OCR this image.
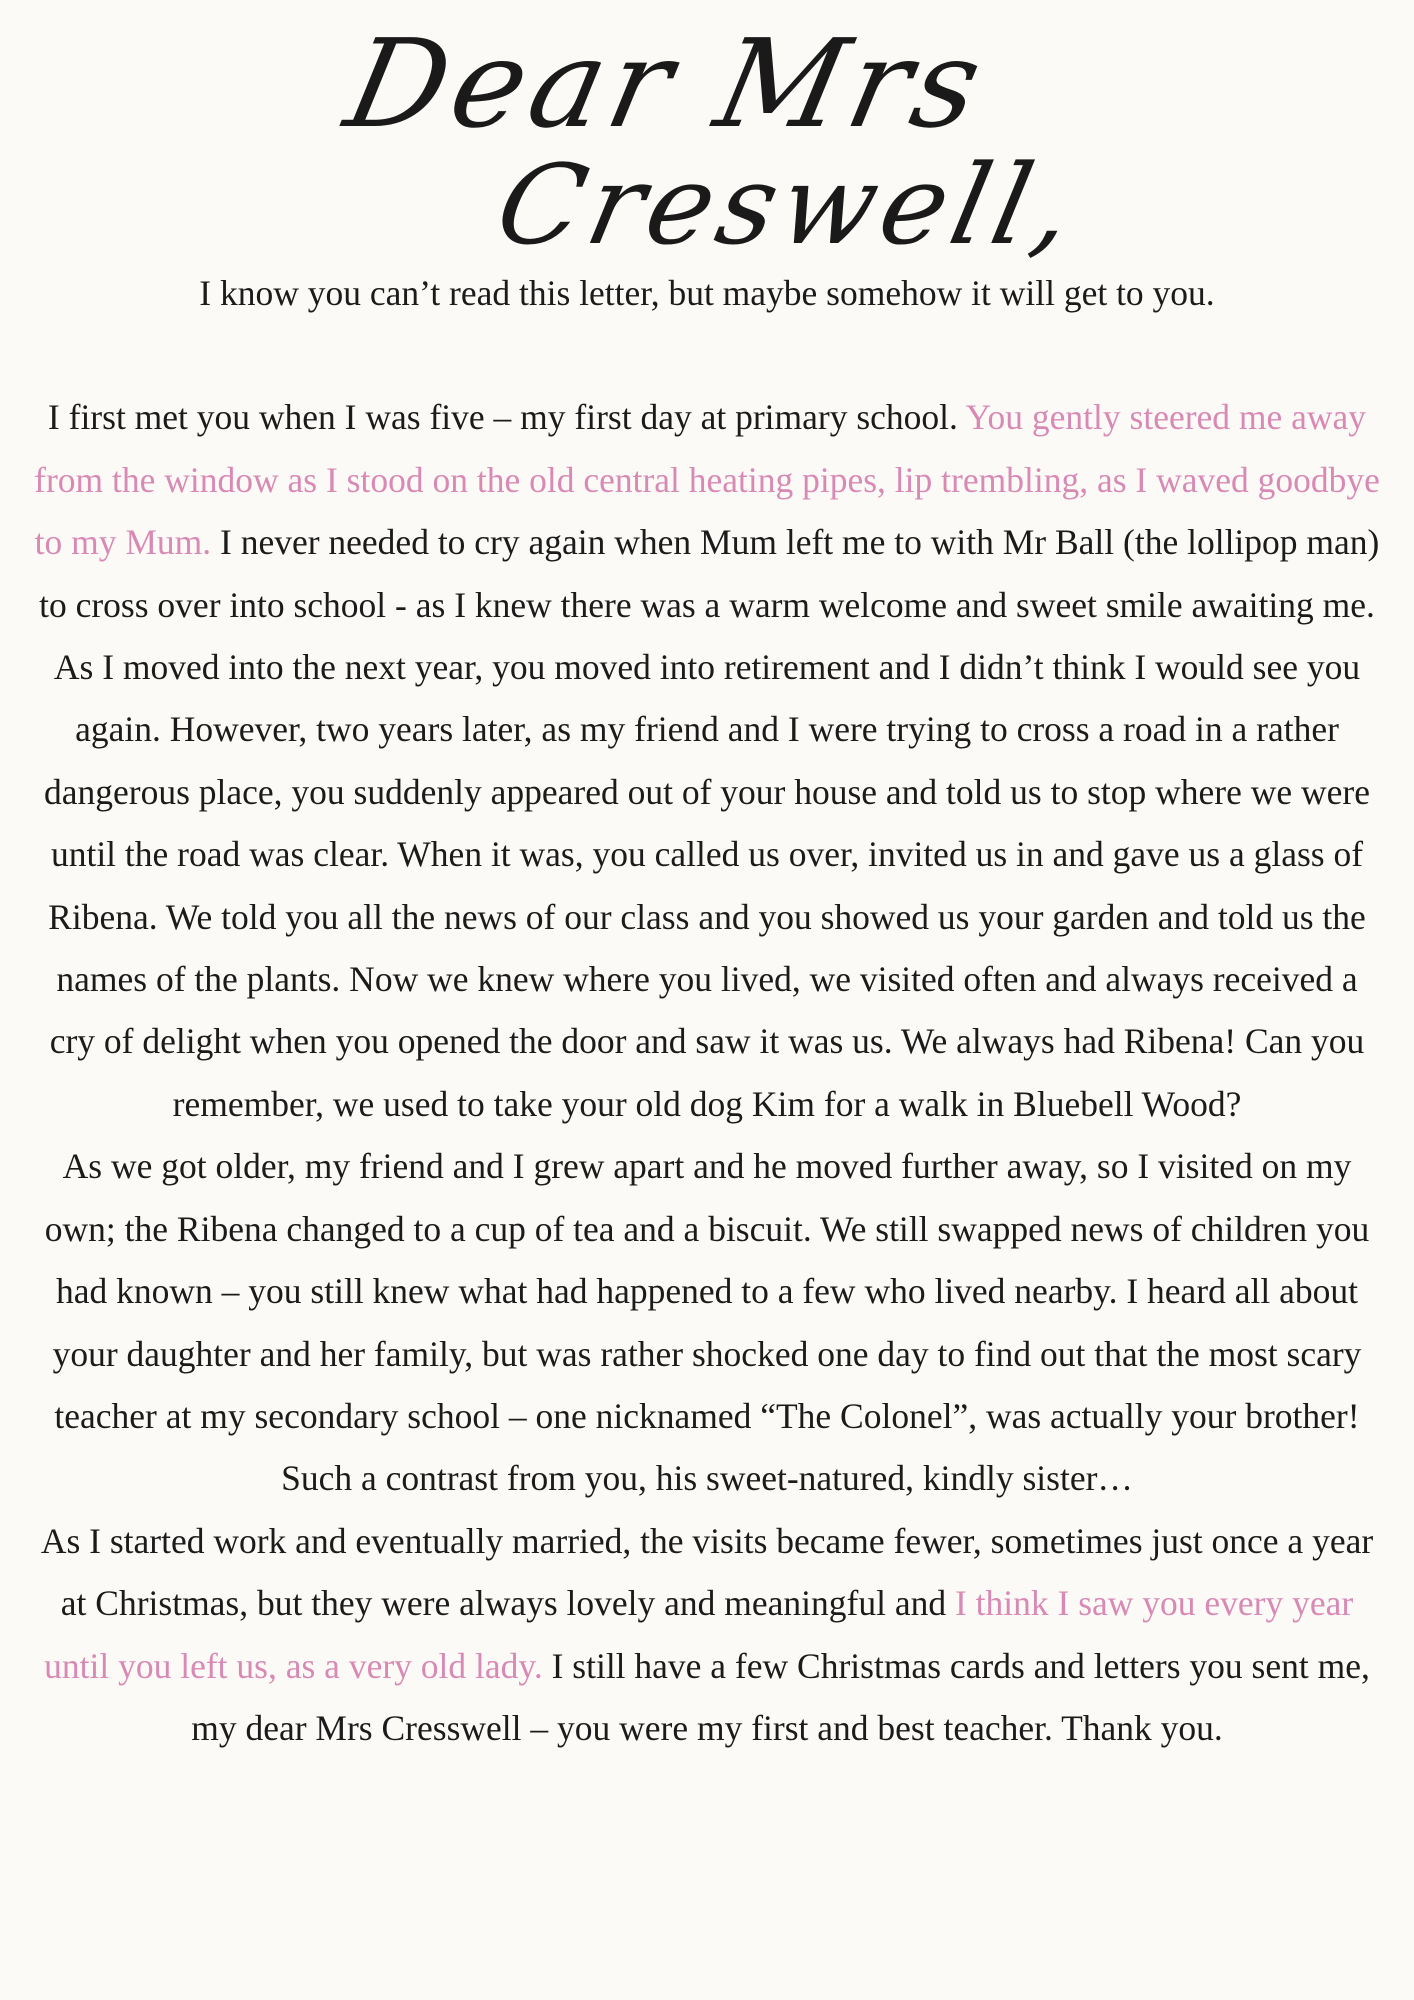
Dear Mrs
Creswell,

I know you can’t read this letter, but maybe somehow it will get to you.

I first met you when I was five – my first day at primary school. You gently steered me away from the window as I stood on the old central heating pipes, lip trembling, as I waved goodbye to my Mum. I never needed to cry again when Mum left me to with Mr Ball (the lollipop man) to cross over into school - as I knew there was a warm welcome and sweet smile awaiting me.

As I moved into the next year, you moved into retirement and I didn’t think I would see you again. However, two years later, as my friend and I were trying to cross a road in a rather dangerous place, you suddenly appeared out of your house and told us to stop where we were until the road was clear. When it was, you called us over, invited us in and gave us a glass of Ribena. We told you all the news of our class and you showed us your garden and told us the names of the plants. Now we knew where you lived, we visited often and always received a cry of delight when you opened the door and saw it was us. We always had Ribena! Can you remember, we used to take your old dog Kim for a walk in Bluebell Wood?

As we got older, my friend and I grew apart and he moved further away, so I visited on my own; the Ribena changed to a cup of tea and a biscuit. We still swapped news of children you had known – you still knew what had happened to a few who lived nearby. I heard all about your daughter and her family, but was rather shocked one day to find out that the most scary teacher at my secondary school – one nicknamed “The Colonel”, was actually your brother! Such a contrast from you, his sweet-natured, kindly sister…

As I started work and eventually married, the visits became fewer, sometimes just once a year at Christmas, but they were always lovely and meaningful and I think I saw you every year until you left us, as a very old lady. I still have a few Christmas cards and letters you sent me, my dear Mrs Cresswell – you were my first and best teacher. Thank you.
